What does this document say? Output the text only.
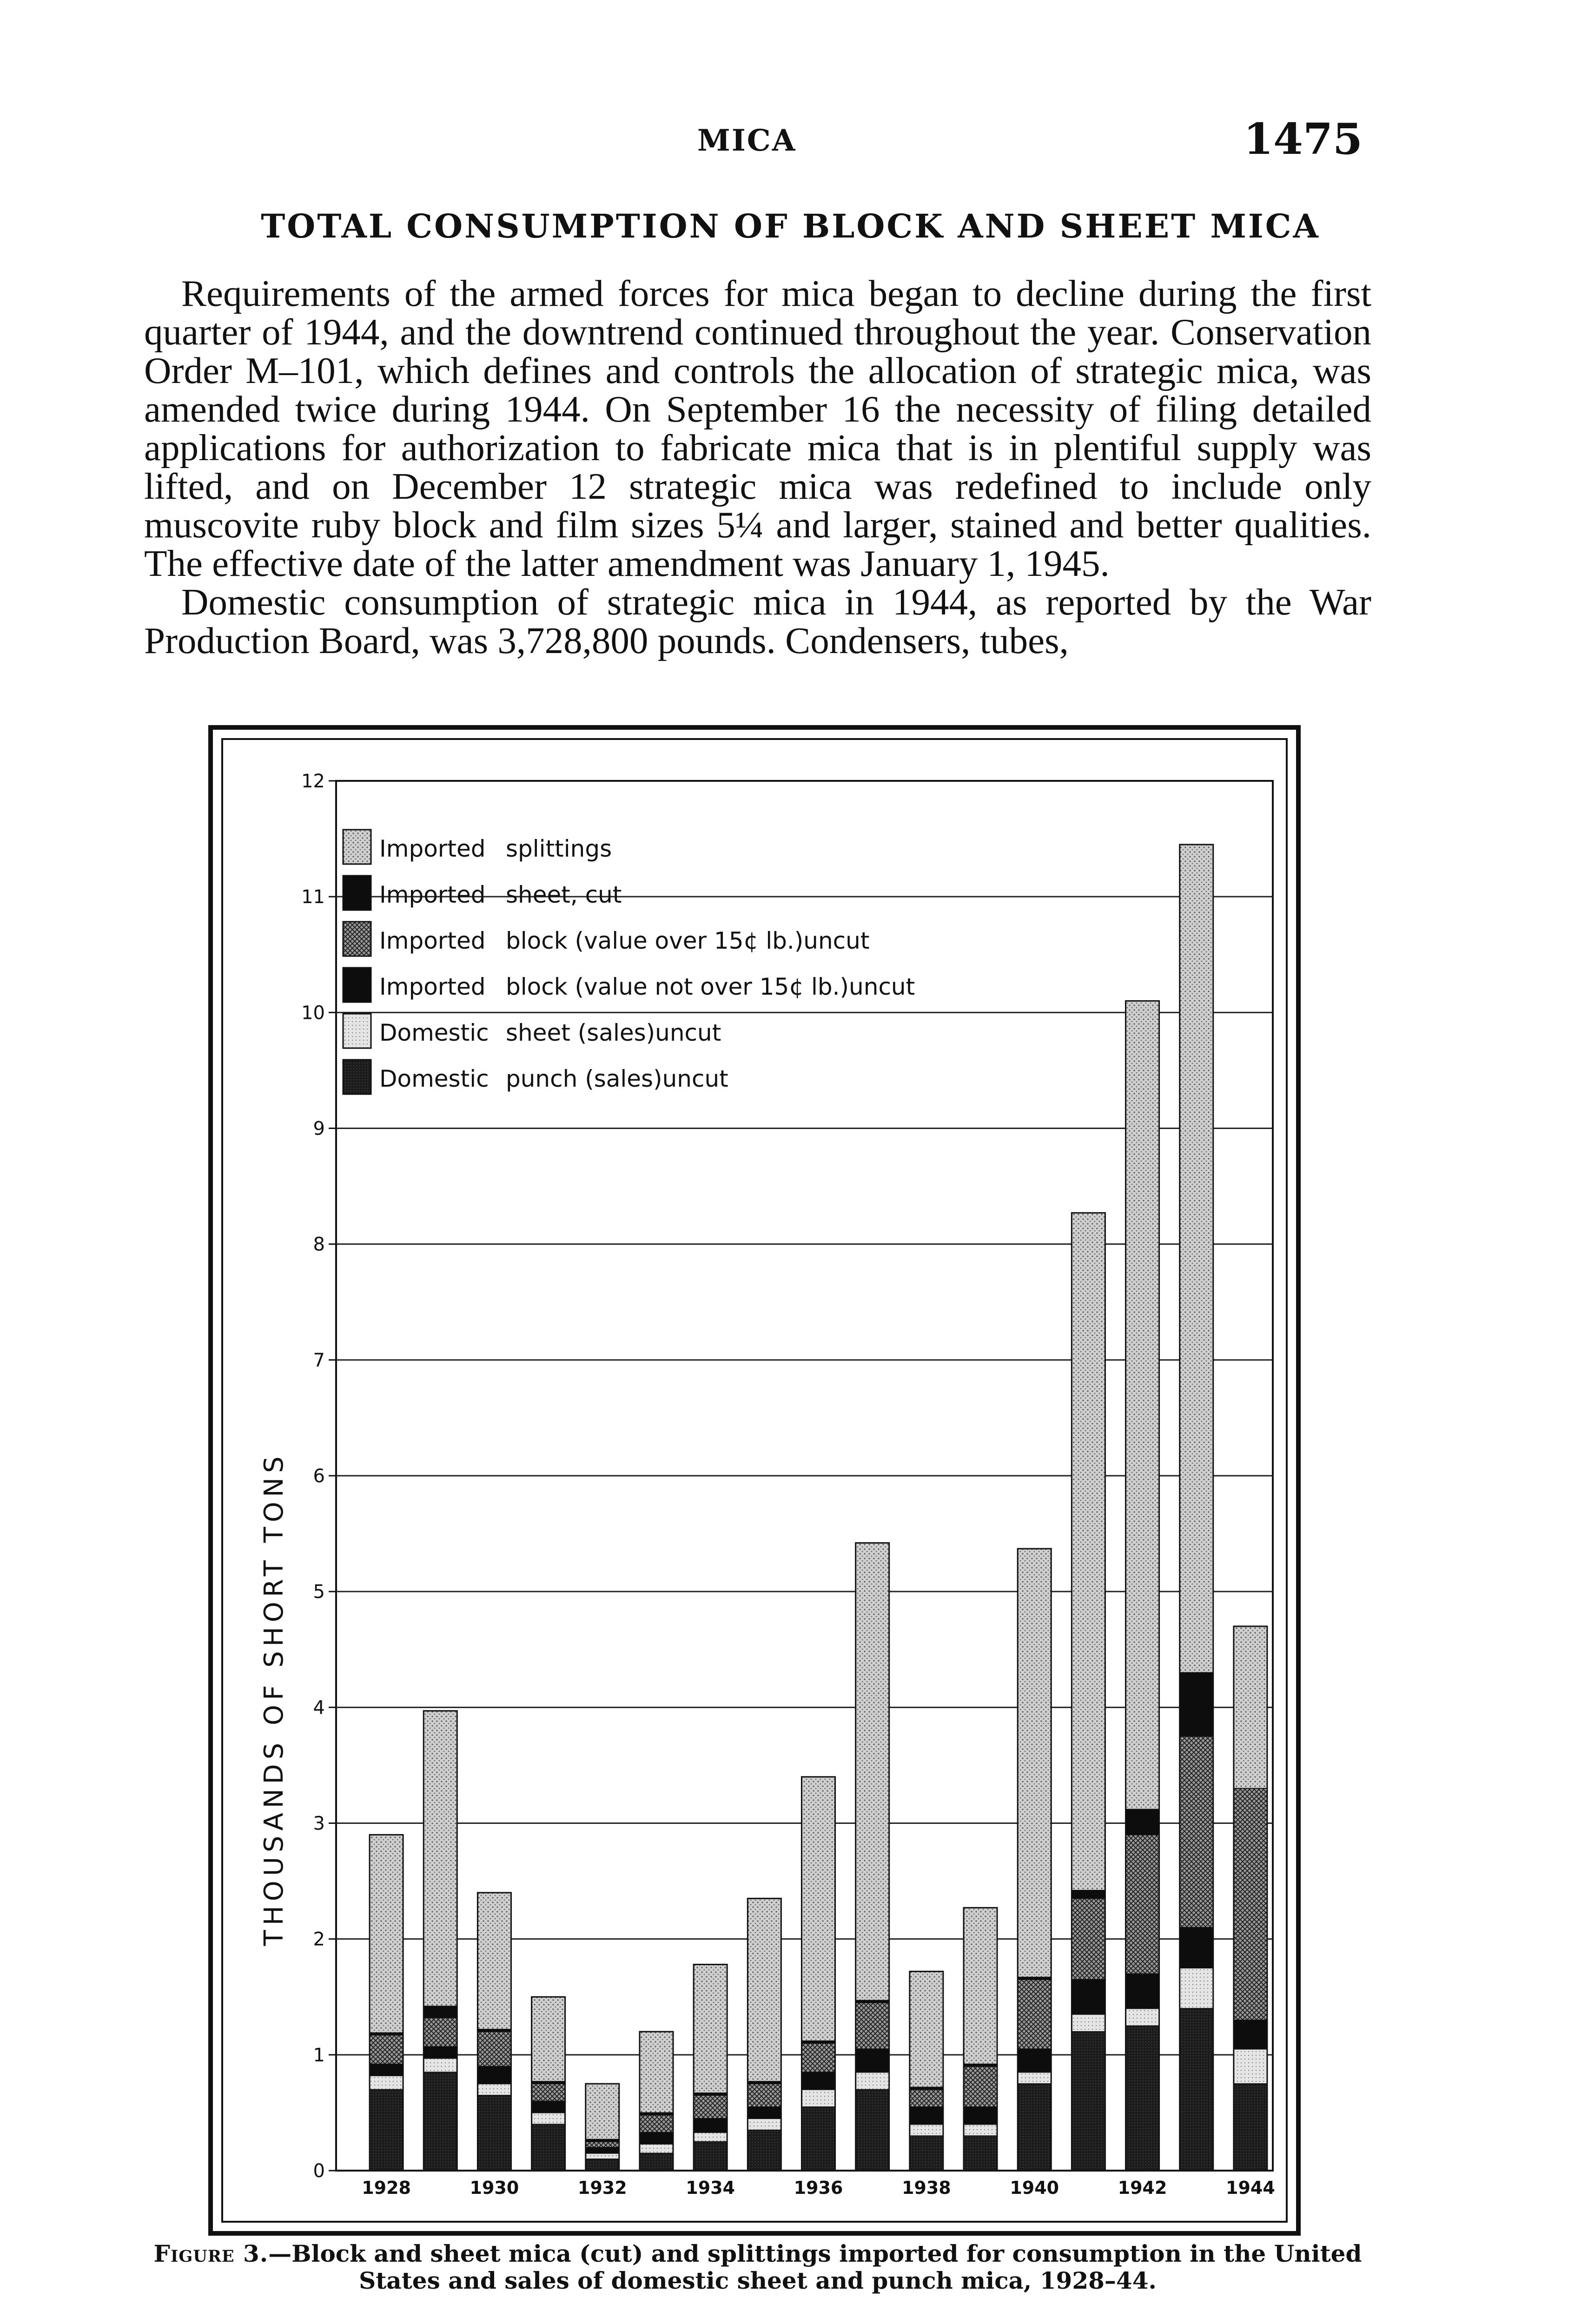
MICA	1475
TOTAL CONSUMPTION OF BLOCK AND SHEET MICA

Requirements of the armed forces for mica began to decline during the first quarter of 1944, and the downtrend continued throughout the year. Conservation Order M–101, which defines and controls the allocation of strategic mica, was amended twice during 1944. On September 16 the necessity of filing detailed applications for authorization to fabricate mica that is in plentiful supply was lifted, and on December 12 strategic mica was redefined to include only muscovite ruby block and film sizes 5¼ and larger, stained and better qualities. The effective date of the latter amendment was January 1, 1945.

Domestic consumption of strategic mica in 1944, as reported by the War Production Board, was 3,728,800 pounds. Condensers, tubes,

0
1
2
3
4
5
6
7
8
9
10
11
12
THOUSANDS OF SHORT TONS
1928	1930	1932	1934	1936	1938	1940	1942	1944
Imported splittings
Imported sheet, cut
Imported block (value over 15¢ lb.)uncut
Imported block (value not over 15¢ lb.)uncut
Domestic sheet (sales)uncut
Domestic punch (sales)uncut
Figure 3.—Block and sheet mica (cut) and splittings imported for consumption in the United States and sales of domestic sheet and punch mica, 1928–44.
